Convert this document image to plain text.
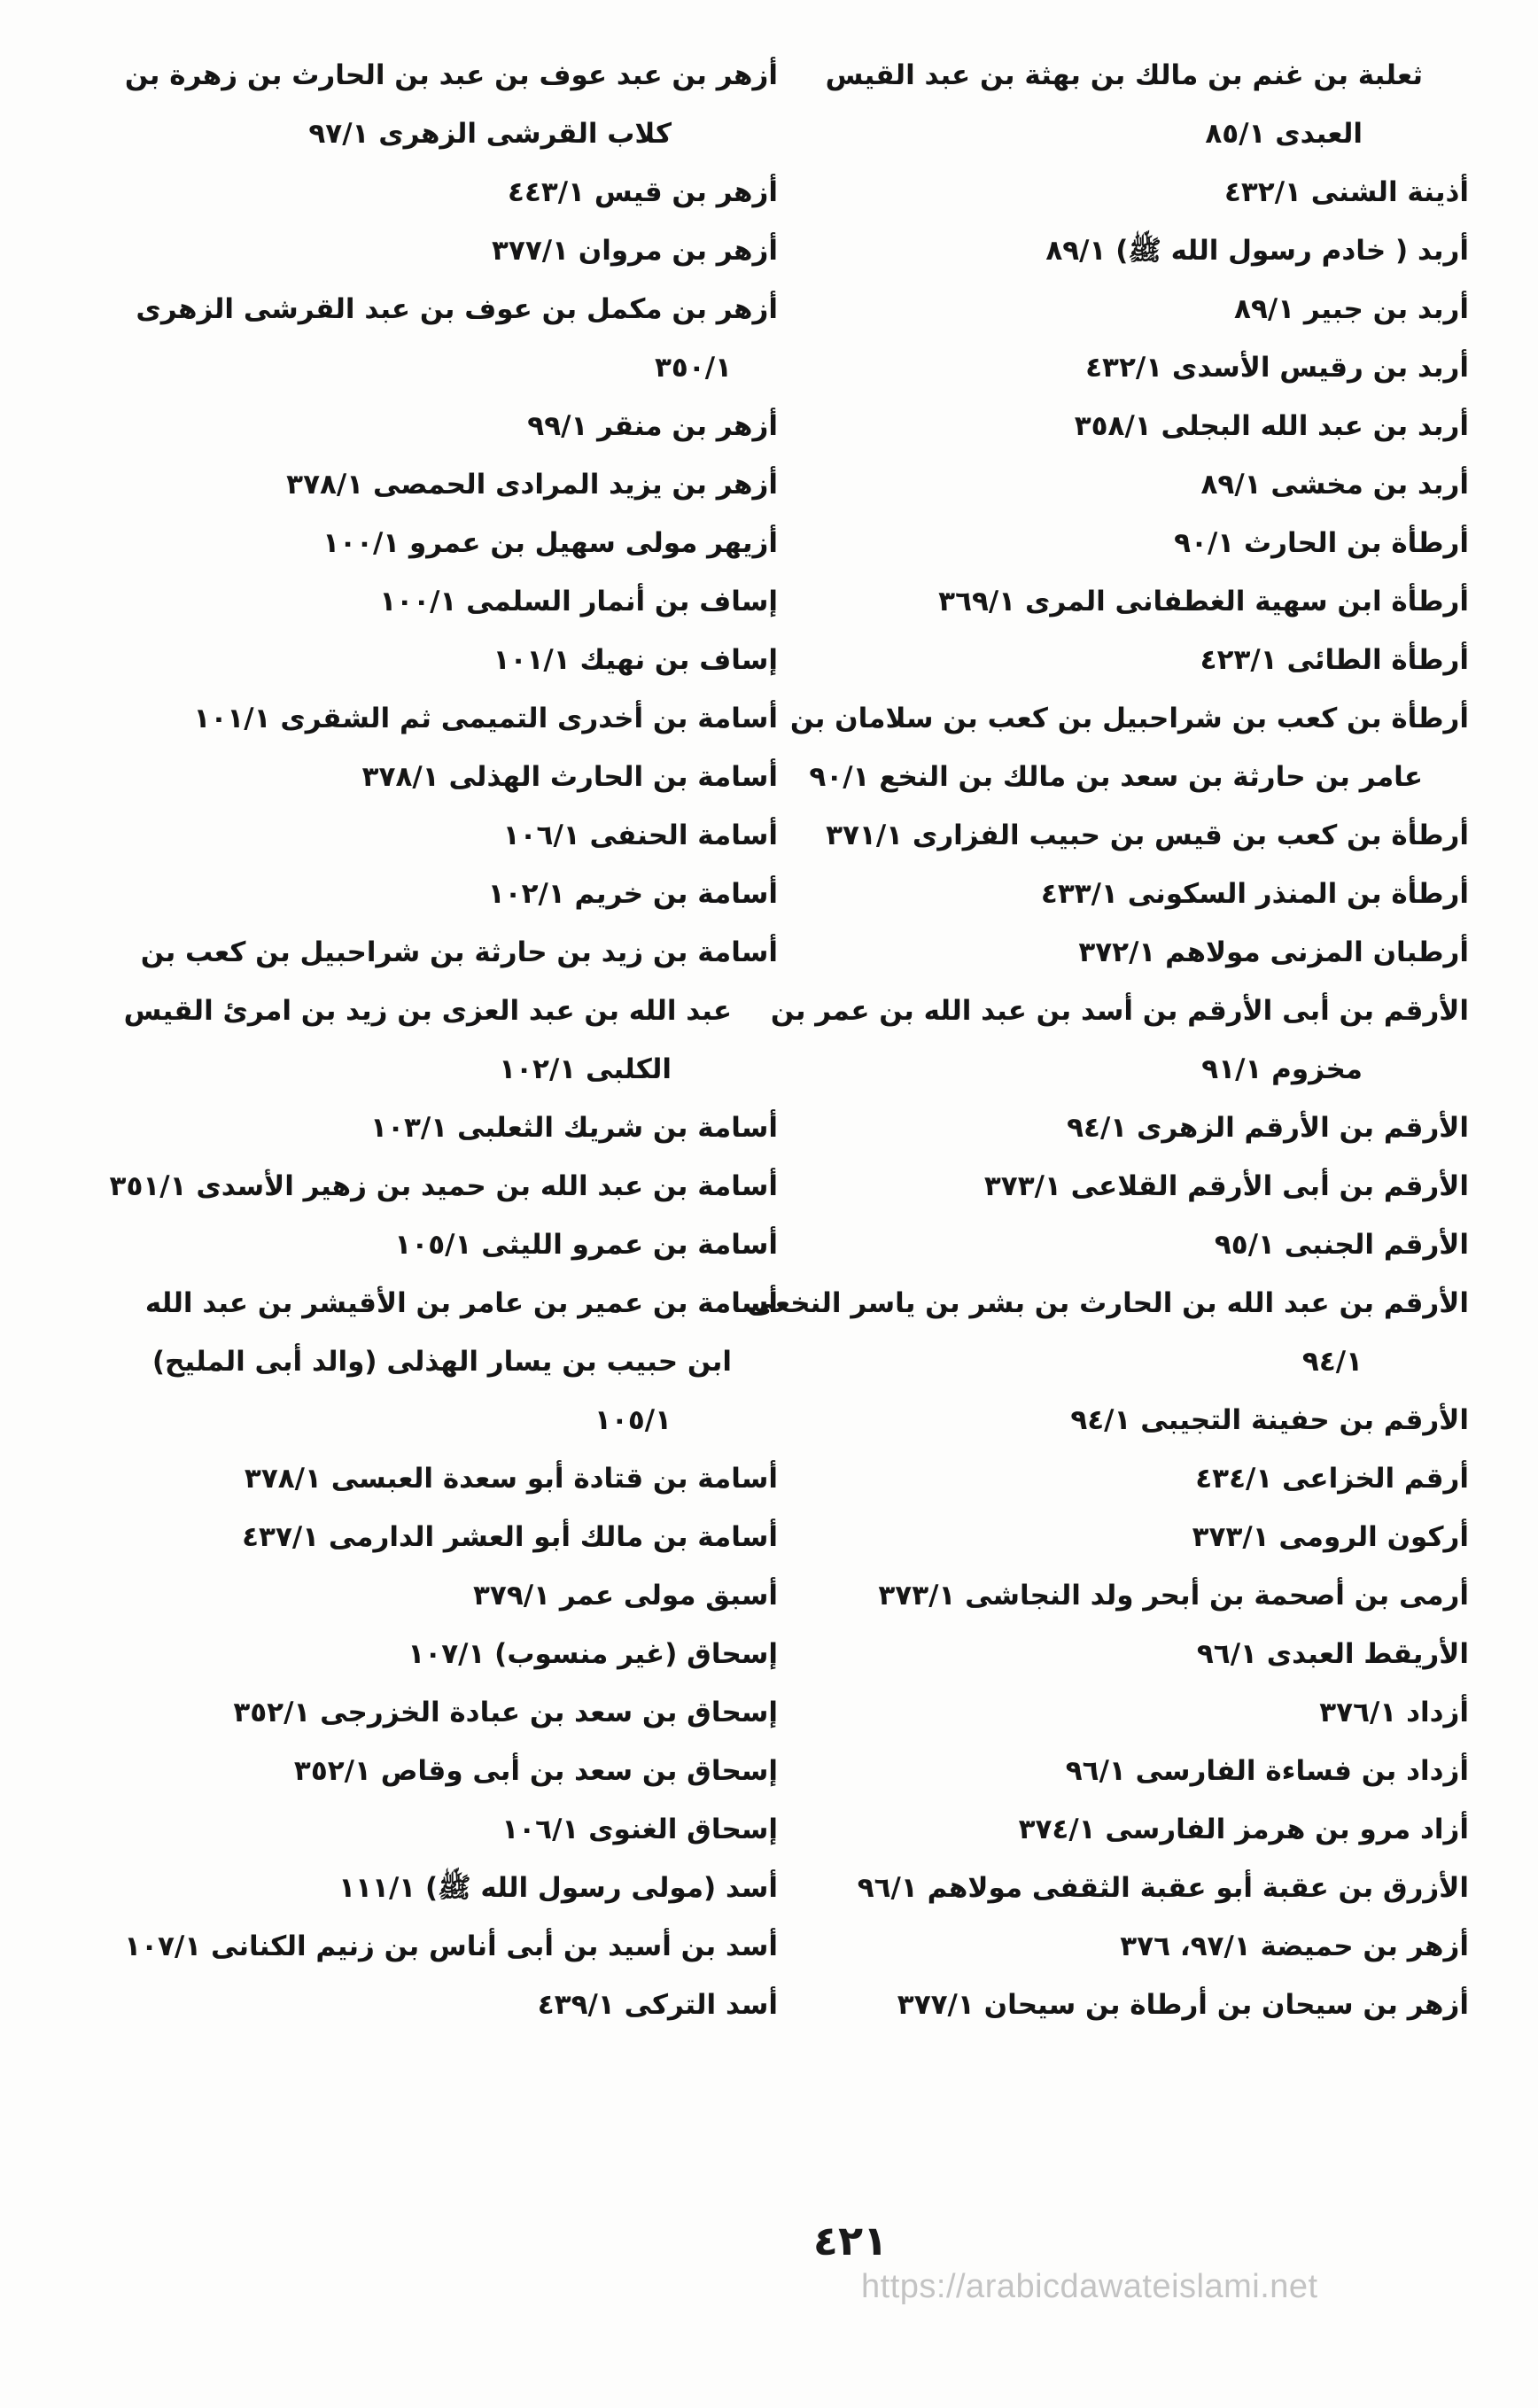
ثعلبة بن غنم بن مالك بن بهثة بن عبد القيس
العبدى ٨٥/١
أذينة الشنى ٤٣٢/١
أربد ( خادم رسول الله ﷺ) ٨٩/١
أربد بن جبير ٨٩/١
أربد بن رقيس الأسدى ٤٣٢/١
أربد بن عبد الله البجلى ٣٥٨/١
أربد بن مخشى ٨٩/١
أرطأة بن الحارث ٩٠/١
أرطأة ابن سهية الغطفانى المرى ٣٦٩/١
أرطأة الطائى ٤٢٣/١
أرطأة بن كعب بن شراحبيل بن كعب بن سلامان بن
عامر بن حارثة بن سعد بن مالك بن النخع ٩٠/١
أرطأة بن كعب بن قيس بن حبيب الفزارى ٣٧١/١
أرطأة بن المنذر السكونى ٤٣٣/١
أرطبان المزنى مولاهم ٣٧٢/١
الأرقم بن أبى الأرقم بن أسد بن عبد الله بن عمر بن
مخزوم ٩١/١
الأرقم بن الأرقم الزهرى ٩٤/١
الأرقم بن أبى الأرقم القلاعى ٣٧٣/١
الأرقم الجنبى ٩٥/١
الأرقم بن عبد الله بن الحارث بن بشر بن ياسر النخعى
٩٤/١
الأرقم بن حفينة التجيبى ٩٤/١
أرقم الخزاعى ٤٣٤/١
أركون الرومى ٣٧٣/١
أرمى بن أصحمة بن أبحر ولد النجاشى ٣٧٣/١
الأريقط العبدى ٩٦/١
أزداد ٣٧٦/١
أزداد بن فساءة الفارسى ٩٦/١
أزاد مرو بن هرمز الفارسى ٣٧٤/١
الأزرق بن عقبة أبو عقبة الثقفى مولاهم ٩٦/١
أزهر بن حميضة ٩٧/١، ٣٧٦
أزهر بن سيحان بن أرطاة بن سيحان ٣٧٧/١
أزهر بن عبد عوف بن عبد بن الحارث بن زهرة بن
كلاب القرشى الزهرى ٩٧/١
أزهر بن قيس ٤٤٣/١
أزهر بن مروان ٣٧٧/١
أزهر بن مكمل بن عوف بن عبد القرشى الزهرى
٣٥٠/١
أزهر بن منقر ٩٩/١
أزهر بن يزيد المرادى الحمصى ٣٧٨/١
أزيهر مولى سهيل بن عمرو ١٠٠/١
إساف بن أنمار السلمى ١٠٠/١
إساف بن نهيك ١٠١/١
أسامة بن أخدرى التميمى ثم الشقرى ١٠١/١
أسامة بن الحارث الهذلى ٣٧٨/١
أسامة الحنفى ١٠٦/١
أسامة بن خريم ١٠٢/١
أسامة بن زيد بن حارثة بن شراحبيل بن كعب بن
عبد الله بن عبد العزى بن زيد بن امرئ القيس
الكلبى ١٠٢/١
أسامة بن شريك الثعلبى ١٠٣/١
أسامة بن عبد الله بن حميد بن زهير الأسدى ٣٥١/١
أسامة بن عمرو الليثى ١٠٥/١
أسامة بن عمير بن عامر بن الأقيشر بن عبد الله
ابن حبيب بن يسار الهذلى (والد أبى المليح)
١٠٥/١
أسامة بن قتادة أبو سعدة العبسى ٣٧٨/١
أسامة بن مالك أبو العشر الدارمى ٤٣٧/١
أسبق مولى عمر ٣٧٩/١
إسحاق (غير منسوب) ١٠٧/١
إسحاق بن سعد بن عبادة الخزرجى ٣٥٢/١
إسحاق بن سعد بن أبى وقاص ٣٥٢/١
إسحاق الغنوى ١٠٦/١
أسد (مولى رسول الله ﷺ) ١١١/١
أسد بن أسيد بن أبى أناس بن زنيم الكنانى ١٠٧/١
أسد التركى ٤٣٩/١
٤٢١
https://arabicdawateislami.net
